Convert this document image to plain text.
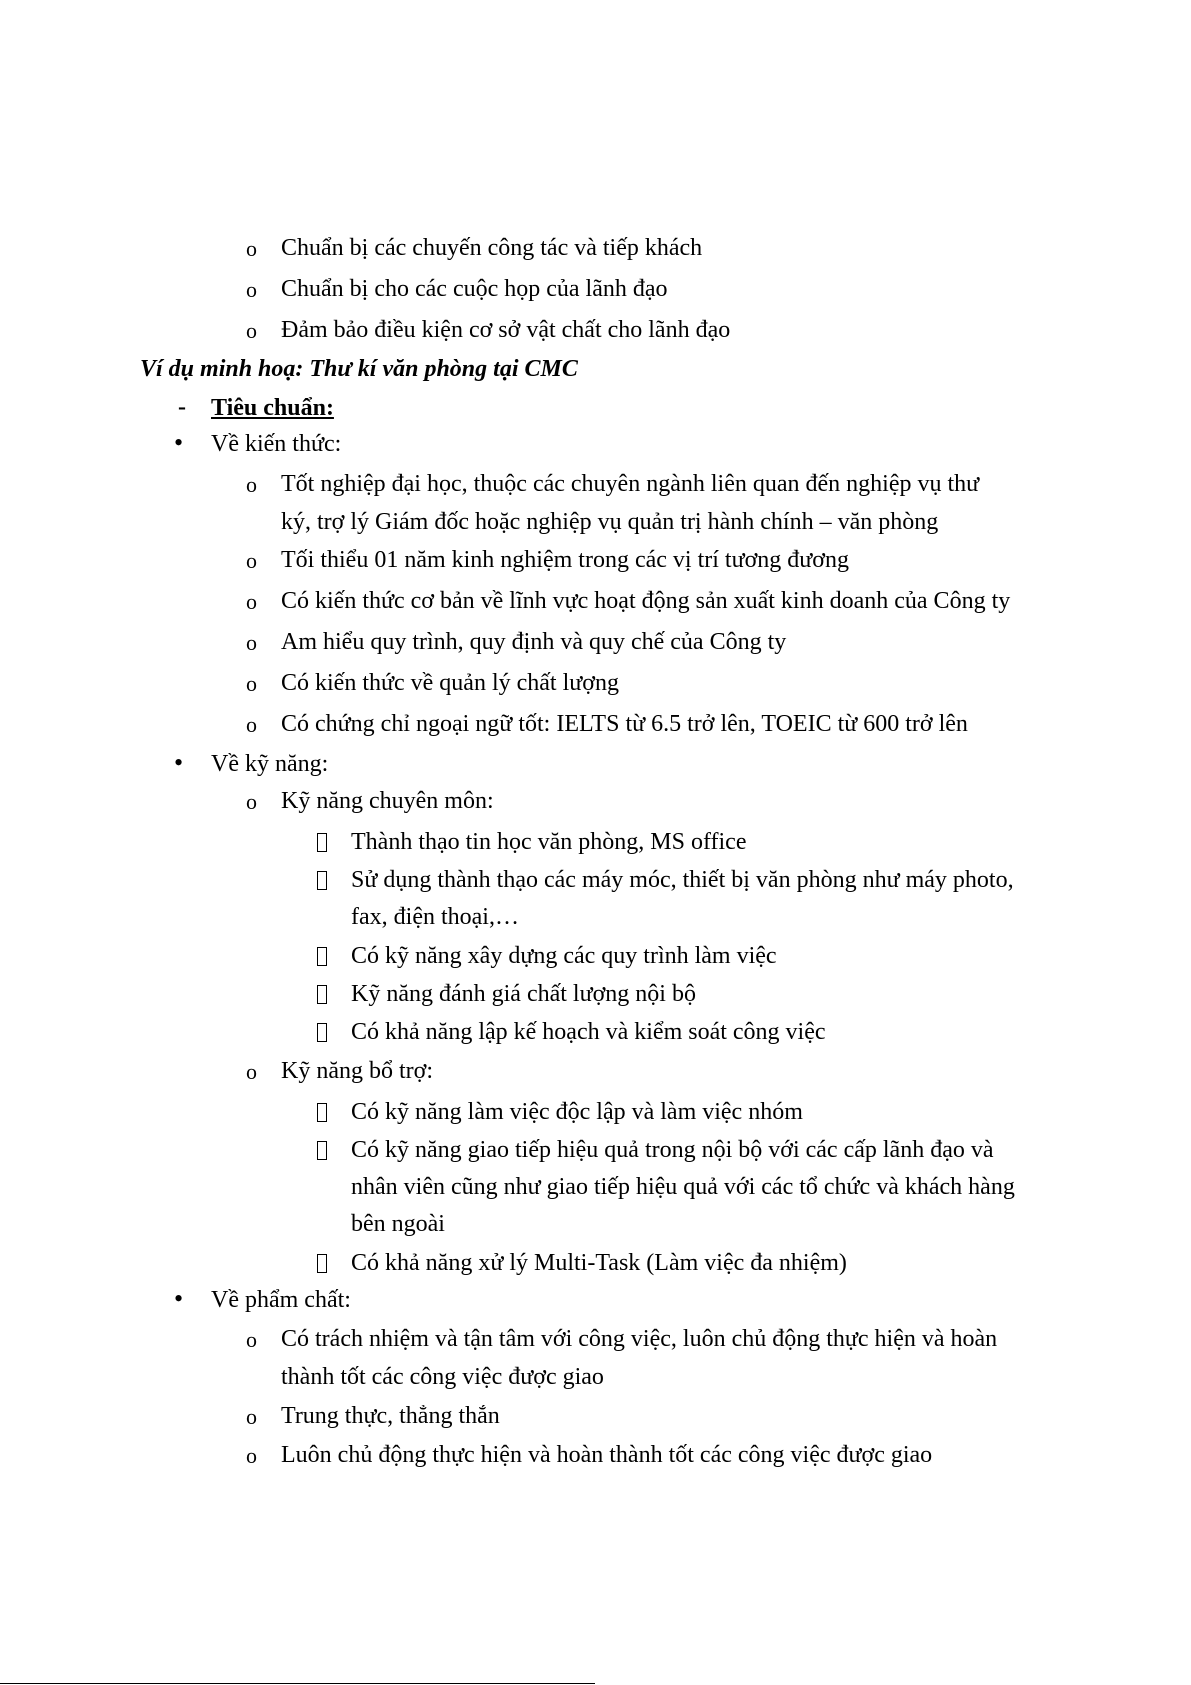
o Chuẩn bị các chuyến công tác và tiếp khách
o Chuẩn bị cho các cuộc họp của lãnh đạo
o Đảm bảo điều kiện cơ sở vật chất cho lãnh đạo
Ví dụ minh hoạ: Thư kí văn phòng tại CMC
- Tiêu chuẩn:
• Về kiến thức:
o Tốt nghiệp đại học, thuộc các chuyên ngành liên quan đến nghiệp vụ thư
ký, trợ lý Giám đốc hoặc nghiệp vụ quản trị hành chính – văn phòng
o Tối thiểu 01 năm kinh nghiệm trong các vị trí tương đương
o Có kiến thức cơ bản về lĩnh vực hoạt động sản xuất kinh doanh của Công ty
o Am hiểu quy trình, quy định và quy chế của Công ty
o Có kiến thức về quản lý chất lượng
o Có chứng chỉ ngoại ngữ tốt: IELTS từ 6.5 trở lên, TOEIC từ 600 trở lên
• Về kỹ năng:
o Kỹ năng chuyên môn:
Thành thạo tin học văn phòng, MS office
Sử dụng thành thạo các máy móc, thiết bị văn phòng như máy photo,
fax, điện thoại,…
Có kỹ năng xây dựng các quy trình làm việc
Kỹ năng đánh giá chất lượng nội bộ
Có khả năng lập kế hoạch và kiểm soát công việc
o Kỹ năng bổ trợ:
Có kỹ năng làm việc độc lập và làm việc nhóm
Có kỹ năng giao tiếp hiệu quả trong nội bộ với các cấp lãnh đạo và
nhân viên cũng như giao tiếp hiệu quả với các tổ chức và khách hàng
bên ngoài
Có khả năng xử lý Multi-Task (Làm việc đa nhiệm)
• Về phẩm chất:
o Có trách nhiệm và tận tâm với công việc, luôn chủ động thực hiện và hoàn
thành tốt các công việc được giao
o Trung thực, thẳng thắn
o Luôn chủ động thực hiện và hoàn thành tốt các công việc được giao
